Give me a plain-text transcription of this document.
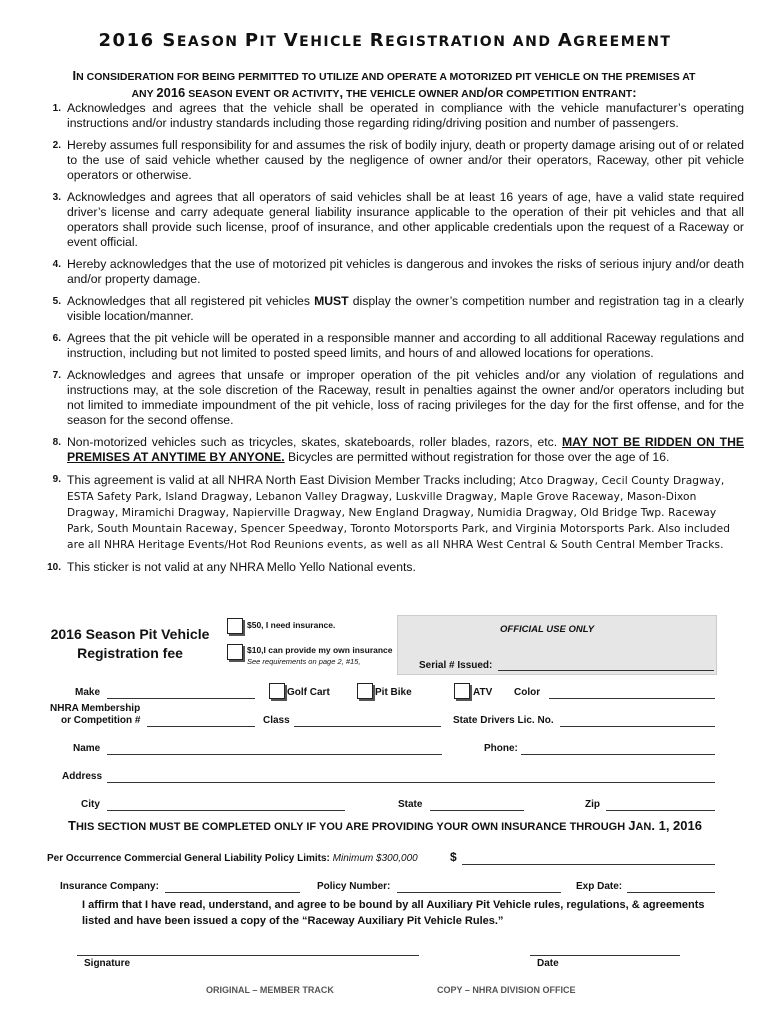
2016 SEASON PIT VEHICLE REGISTRATION AND AGREEMENT
IN CONSIDERATION FOR BEING PERMITTED TO UTILIZE AND OPERATE A MOTORIZED PIT VEHICLE ON THE PREMISES AT
ANY 2016 SEASON EVENT OR ACTIVITY, THE VEHICLE OWNER AND/OR COMPETITION ENTRANT:
1. Acknowledges and agrees that the vehicle shall be operated in compliance with the vehicle manufacturer’s operating instructions and/or industry standards including those regarding riding/driving position and number of passengers.
2. Hereby assumes full responsibility for and assumes the risk of bodily injury, death or property damage arising out of or related to the use of said vehicle whether caused by the negligence of owner and/or their operators, Raceway, other pit vehicle operators or otherwise.
3. Acknowledges and agrees that all operators of said vehicles shall be at least 16 years of age, have a valid state required driver’s license and carry adequate general liability insurance applicable to the operation of their pit vehicles and that all operators shall provide such license, proof of insurance, and other applicable credentials upon the request of a Raceway or event official.
4. Hereby acknowledges that the use of motorized pit vehicles is dangerous and invokes the risks of serious injury and/or death and/or property damage.
5. Acknowledges that all registered pit vehicles MUST display the owner’s competition number and registration tag in a clearly visible location/manner.
6. Agrees that the pit vehicle will be operated in a responsible manner and according to all additional Raceway regulations and instruction, including but not limited to posted speed limits, and hours of and allowed locations for operations.
7. Acknowledges and agrees that unsafe or improper operation of the pit vehicles and/or any violation of regulations and instructions may, at the sole discretion of the Raceway, result in penalties against the owner and/or operators including but not limited to immediate impoundment of the pit vehicle, loss of racing privileges for the day for the first offense, and for the season for the second offense.
8. Non-motorized vehicles such as tricycles, skates, skateboards, roller blades, razors, etc. MAY NOT BE RIDDEN ON THE PREMISES AT ANYTIME BY ANYONE. Bicycles are permitted without registration for those over the age of 16.
9. This agreement is valid at all NHRA North East Division Member Tracks including; Atco Dragway, Cecil County Dragway, ESTA Safety Park, Island Dragway, Lebanon Valley Dragway, Luskville Dragway, Maple Grove Raceway, Mason-Dixon Dragway, Miramichi Dragway, Napierville Dragway, New England Dragway, Numidia Dragway, Old Bridge Twp. Raceway Park, South Mountain Raceway, Spencer Speedway, Toronto Motorsports Park, and Virginia Motorsports Park. Also included are all NHRA Heritage Events/Hot Rod Reunions events, as well as all NHRA West Central & South Central Member Tracks.
10. This sticker is not valid at any NHRA Mello Yello National events.
2016 Season Pit Vehicle
Registration fee
$50, I need insurance.
$10,I can provide my own insurance
See requirements on page 2, #15,
OFFICIAL USE ONLY
Serial # Issued:
Make	Golf Cart	Pit Bike	ATV Color
NHRA Membership
or Competition #	Class	State Drivers Lic. No.
Name	Phone:
Address
City	State	Zip
THIS SECTION MUST BE COMPLETED ONLY IF YOU ARE PROVIDING YOUR OWN INSURANCE THROUGH JAN. 1, 2016
Per Occurrence Commercial General Liability Policy Limits: Minimum $300,000	$
Insurance Company:	Policy Number:	Exp Date:
I affirm that I have read, understand, and agree to be bound by all Auxiliary Pit Vehicle rules, regulations, & agreements listed and have been issued a copy of the “Raceway Auxiliary Pit Vehicle Rules.”
Signature	Date
ORIGINAL – MEMBER TRACK	COPY – NHRA DIVISION OFFICE
